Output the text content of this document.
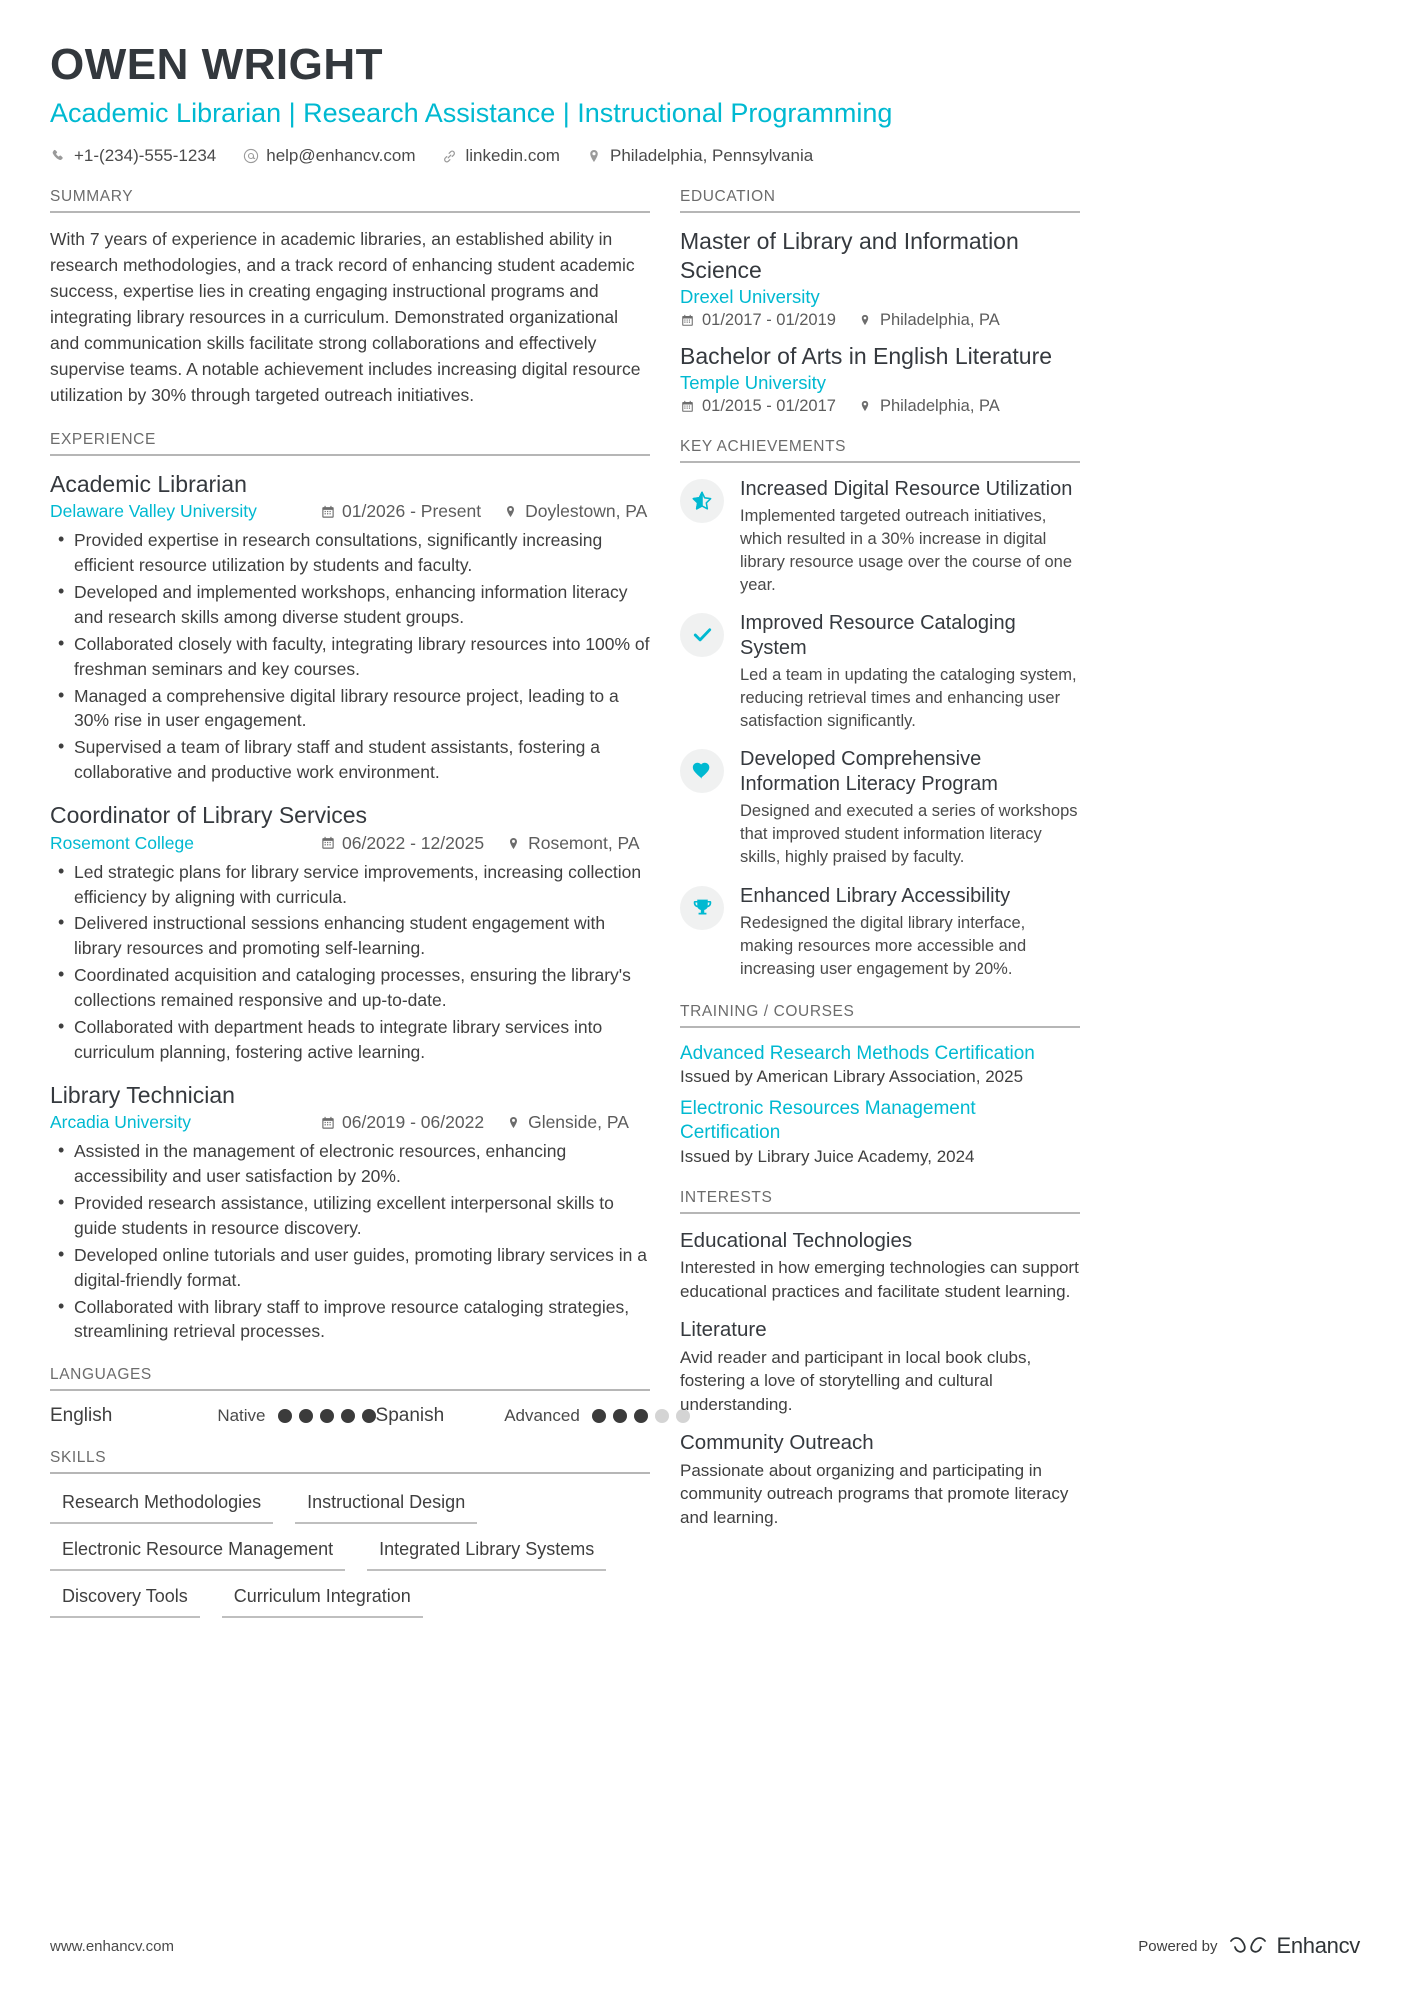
OWEN WRIGHT
Academic Librarian | Research Assistance | Instructional Programming
+1-(234)-555-1234	help@enhancv.com	linkedin.com	Philadelphia, Pennsylvania
SUMMARY
With 7 years of experience in academic libraries, an established ability in research methodologies, and a track record of enhancing student academic success, expertise lies in creating engaging instructional programs and integrating library resources in a curriculum. Demonstrated organizational and communication skills facilitate strong collaborations and effectively supervise teams. A notable achievement includes increasing digital resource utilization by 30% through targeted outreach initiatives.
EXPERIENCE
Academic Librarian
Delaware Valley University	01/2026 - Present	Doylestown, PA
• Provided expertise in research consultations, significantly increasing efficient resource utilization by students and faculty.
• Developed and implemented workshops, enhancing information literacy and research skills among diverse student groups.
• Collaborated closely with faculty, integrating library resources into 100% of freshman seminars and key courses.
• Managed a comprehensive digital library resource project, leading to a 30% rise in user engagement.
• Supervised a team of library staff and student assistants, fostering a collaborative and productive work environment.
Coordinator of Library Services
Rosemont College	06/2022 - 12/2025	Rosemont, PA
• Led strategic plans for library service improvements, increasing collection efficiency by aligning with curricula.
• Delivered instructional sessions enhancing student engagement with library resources and promoting self-learning.
• Coordinated acquisition and cataloging processes, ensuring the library's collections remained responsive and up-to-date.
• Collaborated with department heads to integrate library services into curriculum planning, fostering active learning.
Library Technician
Arcadia University	06/2019 - 06/2022	Glenside, PA
• Assisted in the management of electronic resources, enhancing accessibility and user satisfaction by 20%.
• Provided research assistance, utilizing excellent interpersonal skills to guide students in resource discovery.
• Developed online tutorials and user guides, promoting library services in a digital-friendly format.
• Collaborated with library staff to improve resource cataloging strategies, streamlining retrieval processes.
LANGUAGES
English	Native	Spanish	Advanced
SKILLS
Research Methodologies	Instructional Design
Electronic Resource Management	Integrated Library Systems
Discovery Tools	Curriculum Integration
EDUCATION
Master of Library and Information Science
Drexel University
01/2017 - 01/2019	Philadelphia, PA
Bachelor of Arts in English Literature
Temple University
01/2015 - 01/2017	Philadelphia, PA
KEY ACHIEVEMENTS
Increased Digital Resource Utilization
Implemented targeted outreach initiatives, which resulted in a 30% increase in digital library resource usage over the course of one year.
Improved Resource Cataloging System
Led a team in updating the cataloging system, reducing retrieval times and enhancing user satisfaction significantly.
Developed Comprehensive Information Literacy Program
Designed and executed a series of workshops that improved student information literacy skills, highly praised by faculty.
Enhanced Library Accessibility
Redesigned the digital library interface, making resources more accessible and increasing user engagement by 20%.
TRAINING / COURSES
Advanced Research Methods Certification
Issued by American Library Association, 2025
Electronic Resources Management Certification
Issued by Library Juice Academy, 2024
INTERESTS
Educational Technologies
Interested in how emerging technologies can support educational practices and facilitate student learning.
Literature
Avid reader and participant in local book clubs, fostering a love of storytelling and cultural understanding.
Community Outreach
Passionate about organizing and participating in community outreach programs that promote literacy and learning.
www.enhancv.com	Powered by	Enhancv
